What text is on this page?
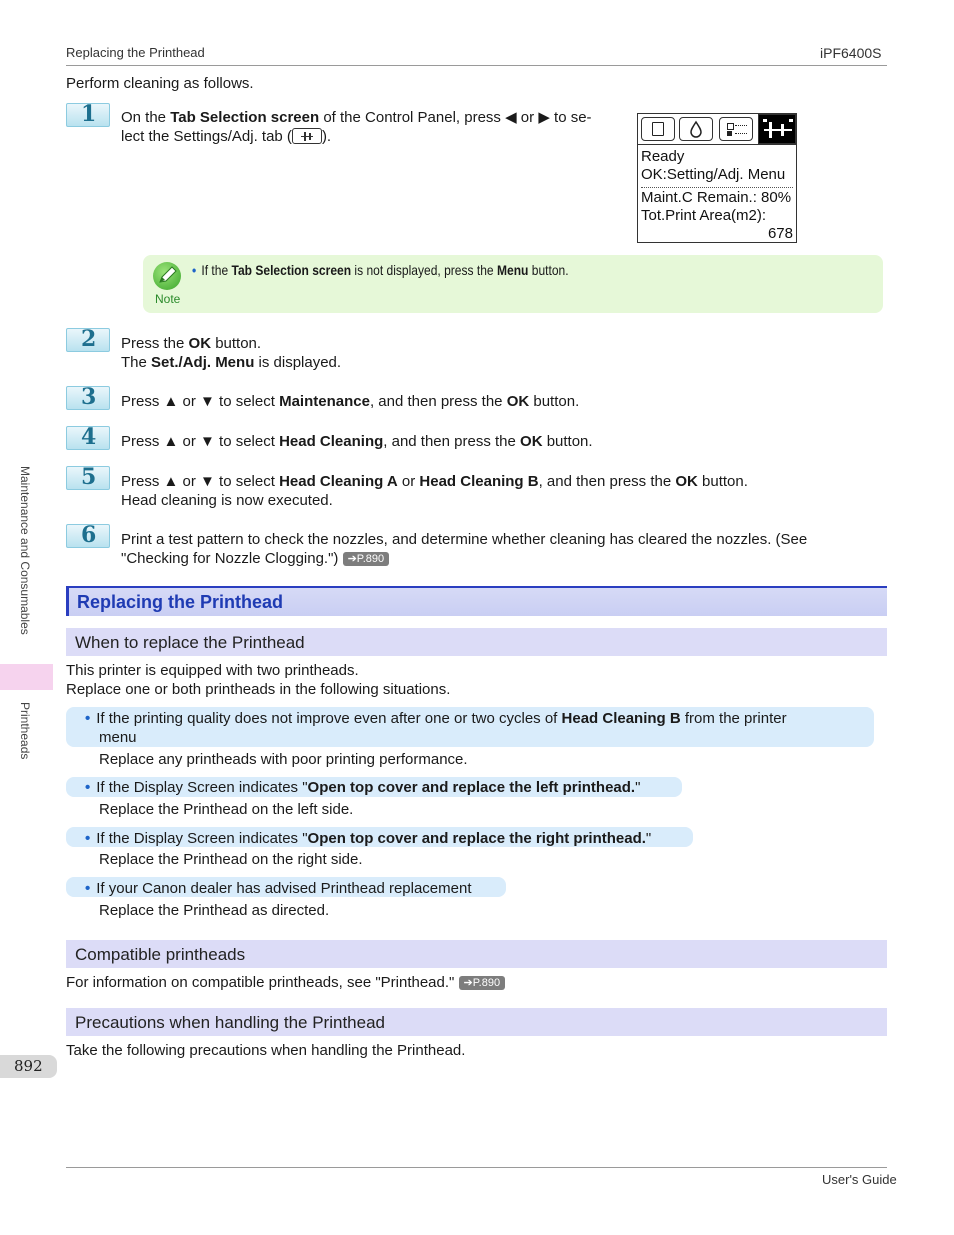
Replacing the Printhead	iPF6400S
Maintenance and Consumables
Printheads
892
Perform cleaning as follows.
1 On the Tab Selection screen of the Control Panel, press ◀ or ▶ to se-
lect the Settings/Adj. tab ( ).
Ready
OK:Setting/Adj. Menu
Maint.C Remain.: 80%
Tot.Print Area(m2):
678
Note
• If the Tab Selection screen is not displayed, press the Menu button.
2 Press the OK button.
The Set./Adj. Menu is displayed.
3 Press ▲ or ▼ to select Maintenance, and then press the OK button.
4 Press ▲ or ▼ to select Head Cleaning, and then press the OK button.
5 Press ▲ or ▼ to select Head Cleaning A or Head Cleaning B, and then press the OK button.
Head cleaning is now executed.
6 Print a test pattern to check the nozzles, and determine whether cleaning has cleared the nozzles. (See
"Checking for Nozzle Clogging.") ➔P.890
Replacing the Printhead
When to replace the Printhead
This printer is equipped with two printheads.
Replace one or both printheads in the following situations.
• If the printing quality does not improve even after one or two cycles of Head Cleaning B from the printer
menu
Replace any printheads with poor printing performance.
• If the Display Screen indicates "Open top cover and replace the left printhead."
Replace the Printhead on the left side.
• If the Display Screen indicates "Open top cover and replace the right printhead."
Replace the Printhead on the right side.
• If your Canon dealer has advised Printhead replacement
Replace the Printhead as directed.
Compatible printheads
For information on compatible printheads, see "Printhead." ➔P.890
Precautions when handling the Printhead
Take the following precautions when handling the Printhead.
User's Guide
